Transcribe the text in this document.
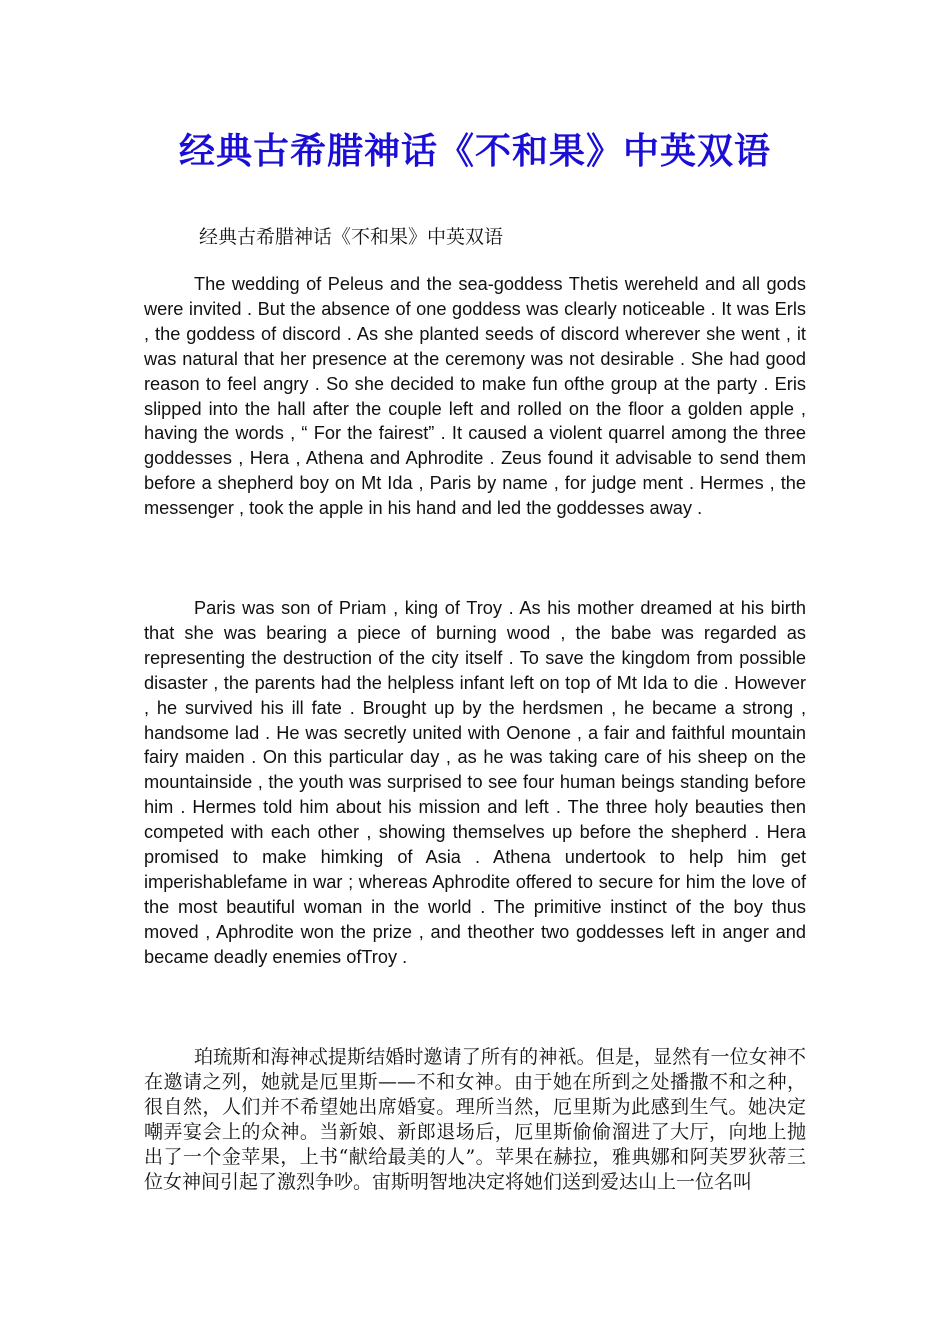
经典古希腊神话《不和果》中英双语

经典古希腊神话《不和果》中英双语

The wedding of Peleus and the sea-goddess Thetis wereheld and all gods were invited . But the absence of one goddess was clearly noticeable . It was Erls , the goddess of discord . As she planted seeds of discord wherever she went , it was natural that her presence at the ceremony was not desirable . She had good reason to feel angry . So she decided to make fun ofthe group at the party . Eris slipped into the hall after the couple left and rolled on the floor a golden apple , having the words , “ For the fairest” . It caused a violent quarrel among the three goddesses , Hera , Athena and Aphrodite . Zeus found it advisable to send them before a shepherd boy on Mt Ida , Paris by name , for judge ment . Hermes , the messenger , took the apple in his hand and led the goddesses away .

Paris was son of Priam , king of Troy . As his mother dreamed at his birth that she was bearing a piece of burning wood , the babe was regarded as representing the destruction of the city itself . To save the kingdom from possible disaster , the parents had the helpless infant left on top of Mt Ida to die . However , he survived his ill fate . Brought up by the herdsmen , he became a strong , handsome lad . He was secretly united with Oenone , a fair and faithful mountain fairy maiden . On this particular day , as he was taking care of his sheep on the mountainside , the youth was surprised to see four human beings standing before him . Hermes told him about his mission and left . The three holy beauties then competed with each other , showing themselves up before the shepherd . Hera promised to make himking of Asia . Athena undertook to help him get imperishablefame in war ; whereas Aphrodite offered to secure for him the love of the most beautiful woman in the world . The primitive instinct of the boy thus moved , Aphrodite won the prize , and theother two goddesses left in anger and became deadly enemies ofTroy .

珀琉斯和海神忒提斯结婚时邀请了所有的神祇。但是，显然有一位女神不在邀请之列，她就是厄里斯——不和女神。由于她在所到之处播撒不和之种，很自然，人们并不希望她出席婚宴。理所当然，厄里斯为此感到生气。她决定嘲弄宴会上的众神。当新娘、新郎退场后，厄里斯偷偷溜进了大厅，向地上抛出了一个金苹果，上书“献给最美的人”。苹果在赫拉，雅典娜和阿芙罗狄蒂三位女神间引起了激烈争吵。宙斯明智地决定将她们送到爱达山上一位名叫
